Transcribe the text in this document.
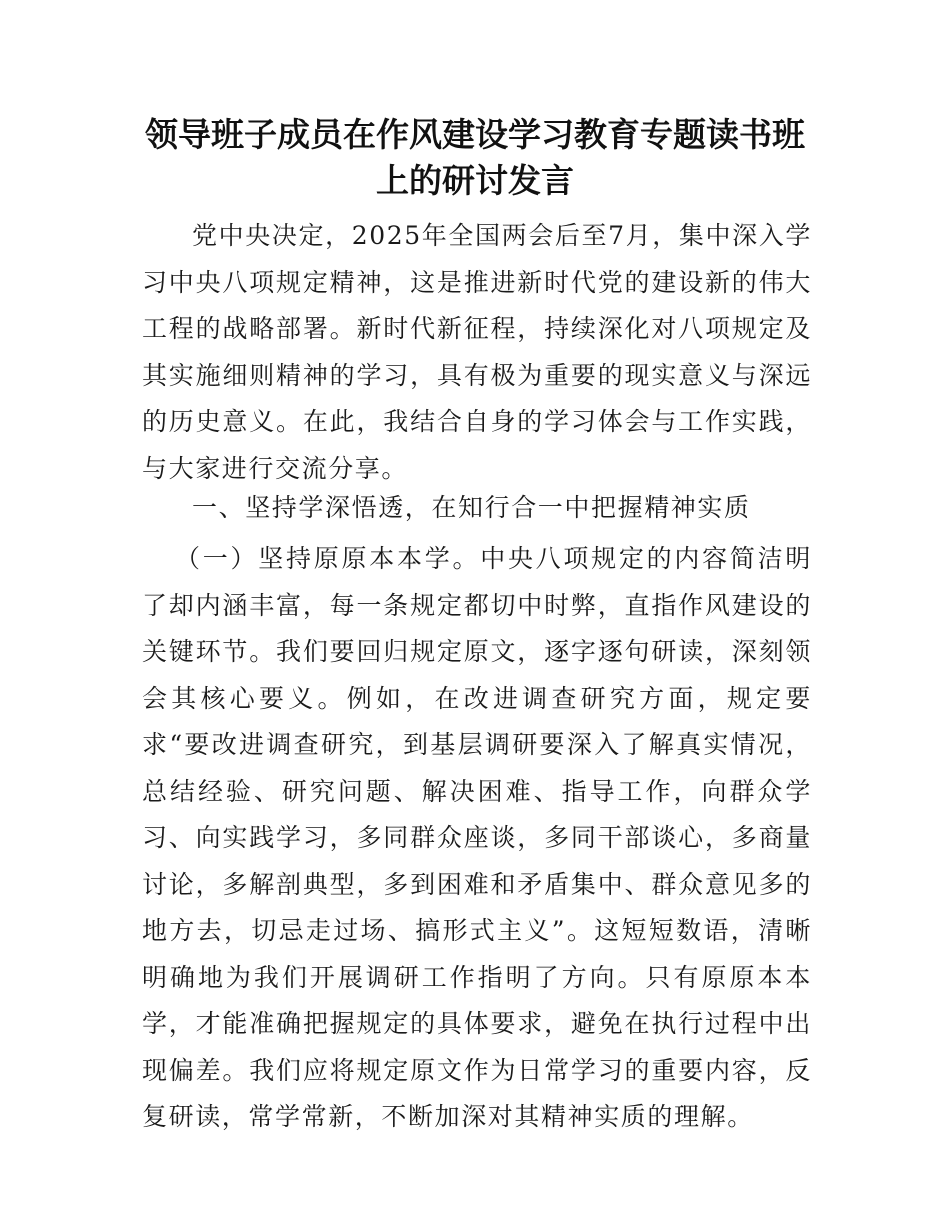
领导班子成员在作风建设学习教育专题读书班
上的研讨发言

党中央决定，2025年全国两会后至7月，集中深入学习中央八项规定精神，这是推进新时代党的建设新的伟大工程的战略部署。新时代新征程，持续深化对八项规定及其实施细则精神的学习，具有极为重要的现实意义与深远的历史意义。在此，我结合自身的学习体会与工作实践，与大家进行交流分享。

一、坚持学深悟透，在知行合一中把握精神实质

（一）坚持原原本本学。中央八项规定的内容简洁明了却内涵丰富，每一条规定都切中时弊，直指作风建设的关键环节。我们要回归规定原文，逐字逐句研读，深刻领会其核心要义。例如，在改进调查研究方面，规定要求“要改进调查研究，到基层调研要深入了解真实情况，总结经验、研究问题、解决困难、指导工作，向群众学习、向实践学习，多同群众座谈，多同干部谈心，多商量讨论，多解剖典型，多到困难和矛盾集中、群众意见多的地方去，切忌走过场、搞形式主义”。这短短数语，清晰明确地为我们开展调研工作指明了方向。只有原原本本学，才能准确把握规定的具体要求，避免在执行过程中出现偏差。我们应将规定原文作为日常学习的重要内容，反复研读，常学常新，不断加深对其精神实质的理解。
